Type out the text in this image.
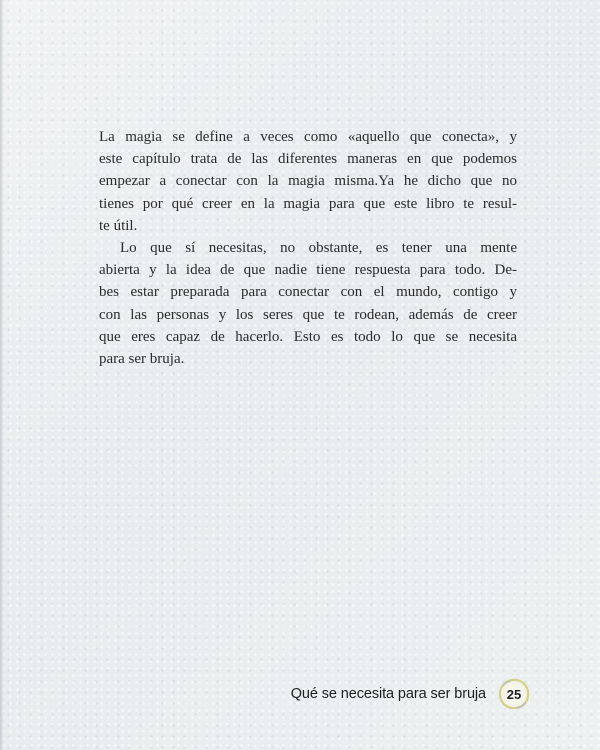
La magia se define a veces como «aquello que conecta», y
este capítulo trata de las diferentes maneras en que podemos
empezar a conectar con la magia misma.Ya he dicho que no
tienes por qué creer en la magia para que este libro te resul-
te útil.
Lo que sí necesitas, no obstante, es tener una mente
abierta y la idea de que nadie tiene respuesta para todo. De-
bes estar preparada para conectar con el mundo, contigo y
con las personas y los seres que te rodean, además de creer
que eres capaz de hacerlo. Esto es todo lo que se necesita
para ser bruja.
Qué se necesita para ser bruja 25
